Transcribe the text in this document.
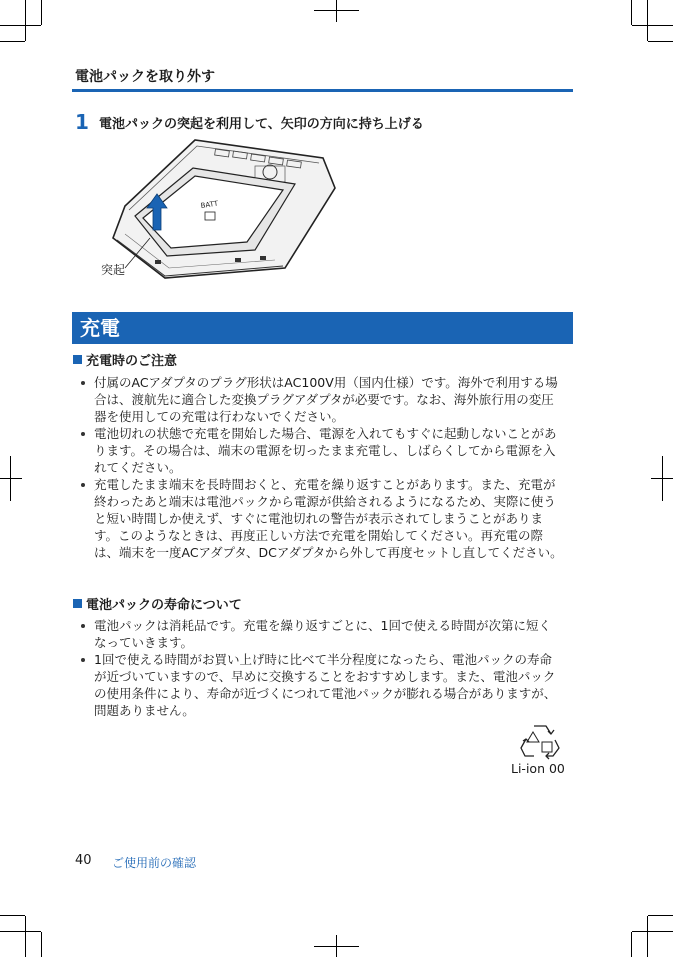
電池パックを取り外す
1 電池パックの突起を利用して、矢印の方向に持ち上げる
BATT
突起
充電
充電時のご注意
付属のACアダプタのプラグ形状はAC100V用（国内仕様）です。海外で利用する場合は、渡航先に適合した変換プラグアダプタが必要です。なお、海外旅行用の変圧器を使用しての充電は行わないでください。
電池切れの状態で充電を開始した場合、電源を入れてもすぐに起動しないことがあります。その場合は、端末の電源を切ったまま充電し、しばらくしてから電源を入れてください。
充電したまま端末を長時間おくと、充電を繰り返すことがあります。また、充電が終わったあと端末は電池パックから電源が供給されるようになるため、実際に使うと短い時間しか使えず、すぐに電池切れの警告が表示されてしまうことがあります。このようなときは、再度正しい方法で充電を開始してください。再充電の際は、端末を一度ACアダプタ、DCアダプタから外して再度セットし直してください。
電池パックの寿命について
電池パックは消耗品です。充電を繰り返すごとに、1回で使える時間が次第に短くなっていきます。
1回で使える時間がお買い上げ時に比べて半分程度になったら、電池パックの寿命が近づいていますので、早めに交換することをおすすめします。また、電池パックの使用条件により、寿命が近づくにつれて電池パックが膨れる場合がありますが、問題ありません。
Li-ion 00
40 ご使用前の確認
